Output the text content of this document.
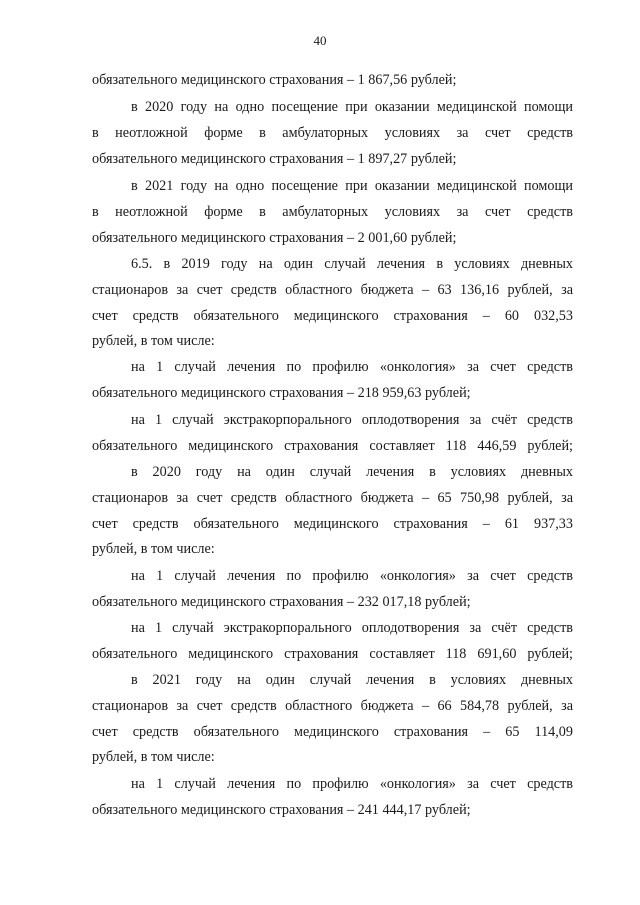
40
обязательного медицинского страхования – 1 867,56 рублей;
в 2020 году на одно посещение при оказании медицинской помощи
в неотложной форме в амбулаторных условиях за счет средств
обязательного медицинского страхования – 1 897,27 рублей;
в 2021 году на одно посещение при оказании медицинской помощи
в неотложной форме в амбулаторных условиях за счет средств
обязательного медицинского страхования – 2 001,60 рублей;
6.5. в 2019 году на один случай лечения в условиях дневных
стационаров за счет средств областного бюджета – 63 136,16 рублей, за
счет средств обязательного медицинского страхования – 60 032,53
рублей, в том числе:
на 1 случай лечения по профилю «онкология» за счет средств
обязательного медицинского страхования – 218 959,63 рублей;
на 1 случай экстракорпорального оплодотворения за счёт средств
обязательного медицинского страхования составляет 118 446,59 рублей;
в 2020 году на один случай лечения в условиях дневных
стационаров за счет средств областного бюджета – 65 750,98 рублей, за
счет средств обязательного медицинского страхования – 61 937,33
рублей, в том числе:
на 1 случай лечения по профилю «онкология» за счет средств
обязательного медицинского страхования – 232 017,18 рублей;
на 1 случай экстракорпорального оплодотворения за счёт средств
обязательного медицинского страхования составляет 118 691,60 рублей;
в 2021 году на один случай лечения в условиях дневных
стационаров за счет средств областного бюджета – 66 584,78 рублей, за
счет средств обязательного медицинского страхования – 65 114,09
рублей, в том числе:
на 1 случай лечения по профилю «онкология» за счет средств
обязательного медицинского страхования – 241 444,17 рублей;
